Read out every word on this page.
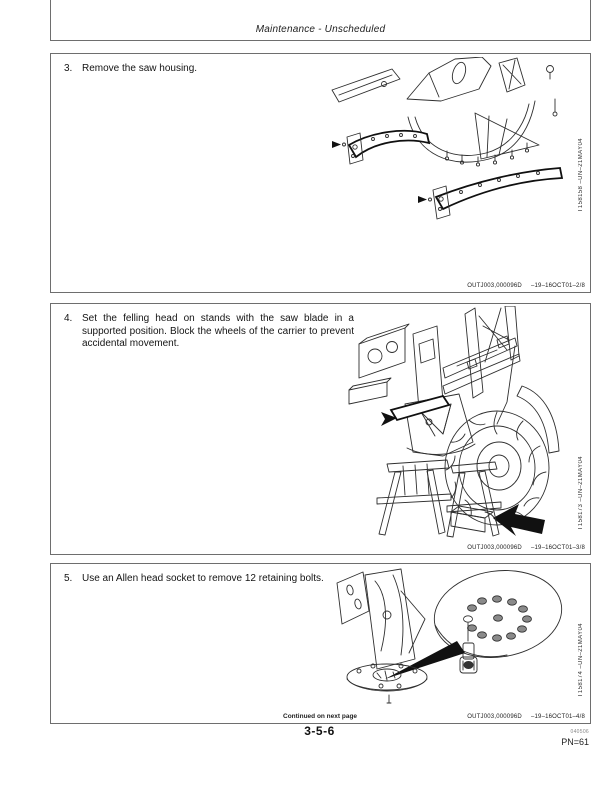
Maintenance - Unscheduled
3. Remove the saw housing.
T158158 –UN–21MAY04
OUTJ003,000096D –19–16OCT01–2/8
4. Set the felling head on stands with the saw blade in a supported position. Block the wheels of the carrier to prevent accidental movement.
T158173 –UN–21MAY04
OUTJ003,000096D –19–16OCT01–3/8
5. Use an Allen head socket to remove 12 retaining bolts.
T158174 –UN–21MAY04
Continued on next page	OUTJ003,000096D –19–16OCT01–4/8
3-5-6	040506
PN=61
